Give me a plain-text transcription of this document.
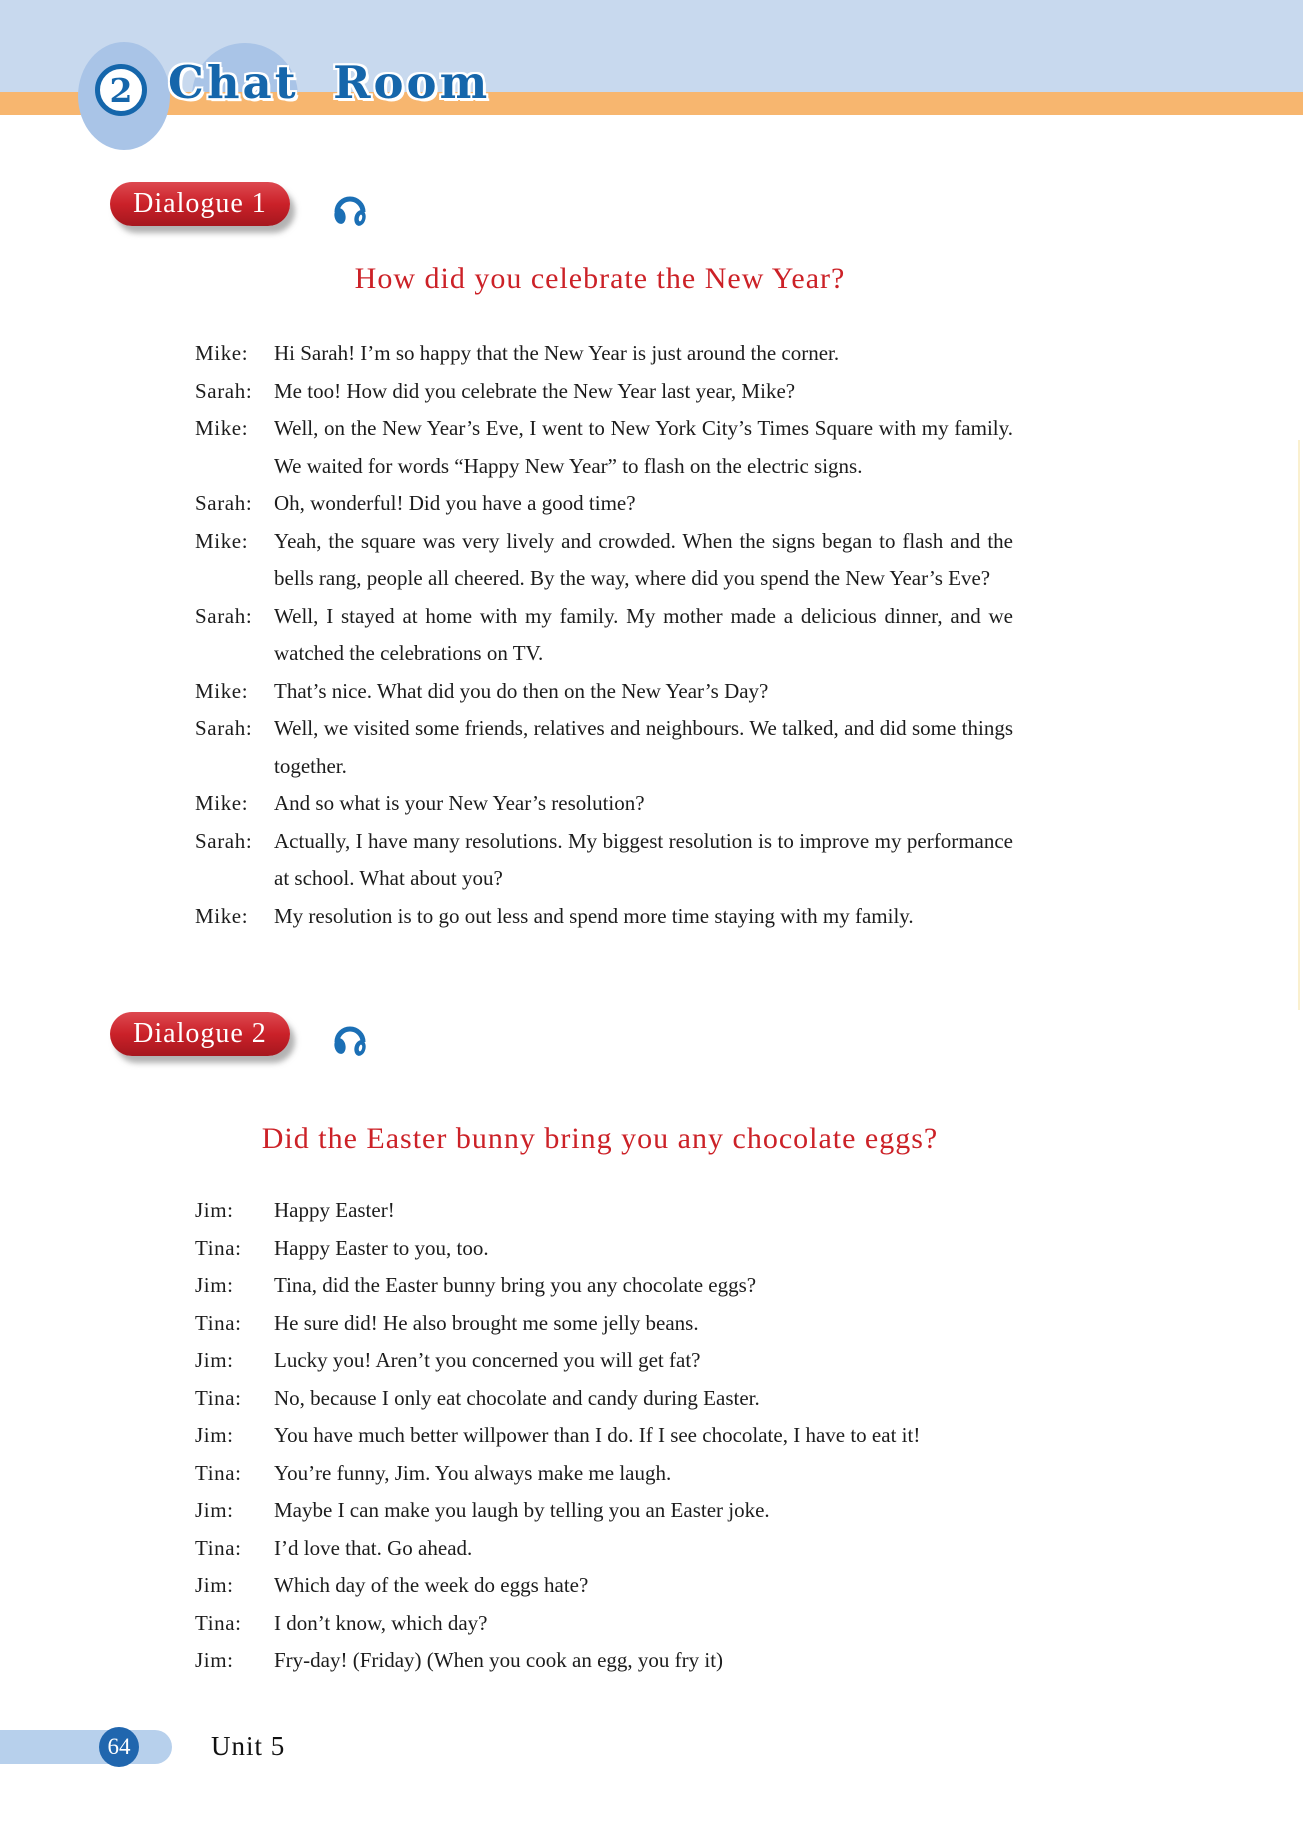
2 Chat Room
Dialogue 1
How did you celebrate the New Year?
Mike:	Hi Sarah! I’m so happy that the New Year is just around the corner.
Sarah:	Me too! How did you celebrate the New Year last year, Mike?
Mike:	Well, on the New Year’s Eve, I went to New York City’s Times Square with my family. We waited for words “Happy New Year” to flash on the electric signs.
Sarah:	Oh, wonderful! Did you have a good time?
Mike:	Yeah, the square was very lively and crowded. When the signs began to flash and the bells rang, people all cheered. By the way, where did you spend the New Year’s Eve?
Sarah:	Well, I stayed at home with my family. My mother made a delicious dinner, and we watched the celebrations on TV.
Mike:	That’s nice. What did you do then on the New Year’s Day?
Sarah:	Well, we visited some friends, relatives and neighbours. We talked, and did some things together.
Mike:	And so what is your New Year’s resolution?
Sarah:	Actually, I have many resolutions. My biggest resolution is to improve my performance at school. What about you?
Mike:	My resolution is to go out less and spend more time staying with my family.
Dialogue 2
Did the Easter bunny bring you any chocolate eggs?
Jim:	Happy Easter!
Tina:	Happy Easter to you, too.
Jim:	Tina, did the Easter bunny bring you any chocolate eggs?
Tina:	He sure did! He also brought me some jelly beans.
Jim:	Lucky you! Aren’t you concerned you will get fat?
Tina:	No, because I only eat chocolate and candy during Easter.
Jim:	You have much better willpower than I do. If I see chocolate, I have to eat it!
Tina:	You’re funny, Jim. You always make me laugh.
Jim:	Maybe I can make you laugh by telling you an Easter joke.
Tina:	I’d love that. Go ahead.
Jim:	Which day of the week do eggs hate?
Tina:	I don’t know, which day?
Jim:	Fry-day! (Friday) (When you cook an egg, you fry it)
64	Unit 5
